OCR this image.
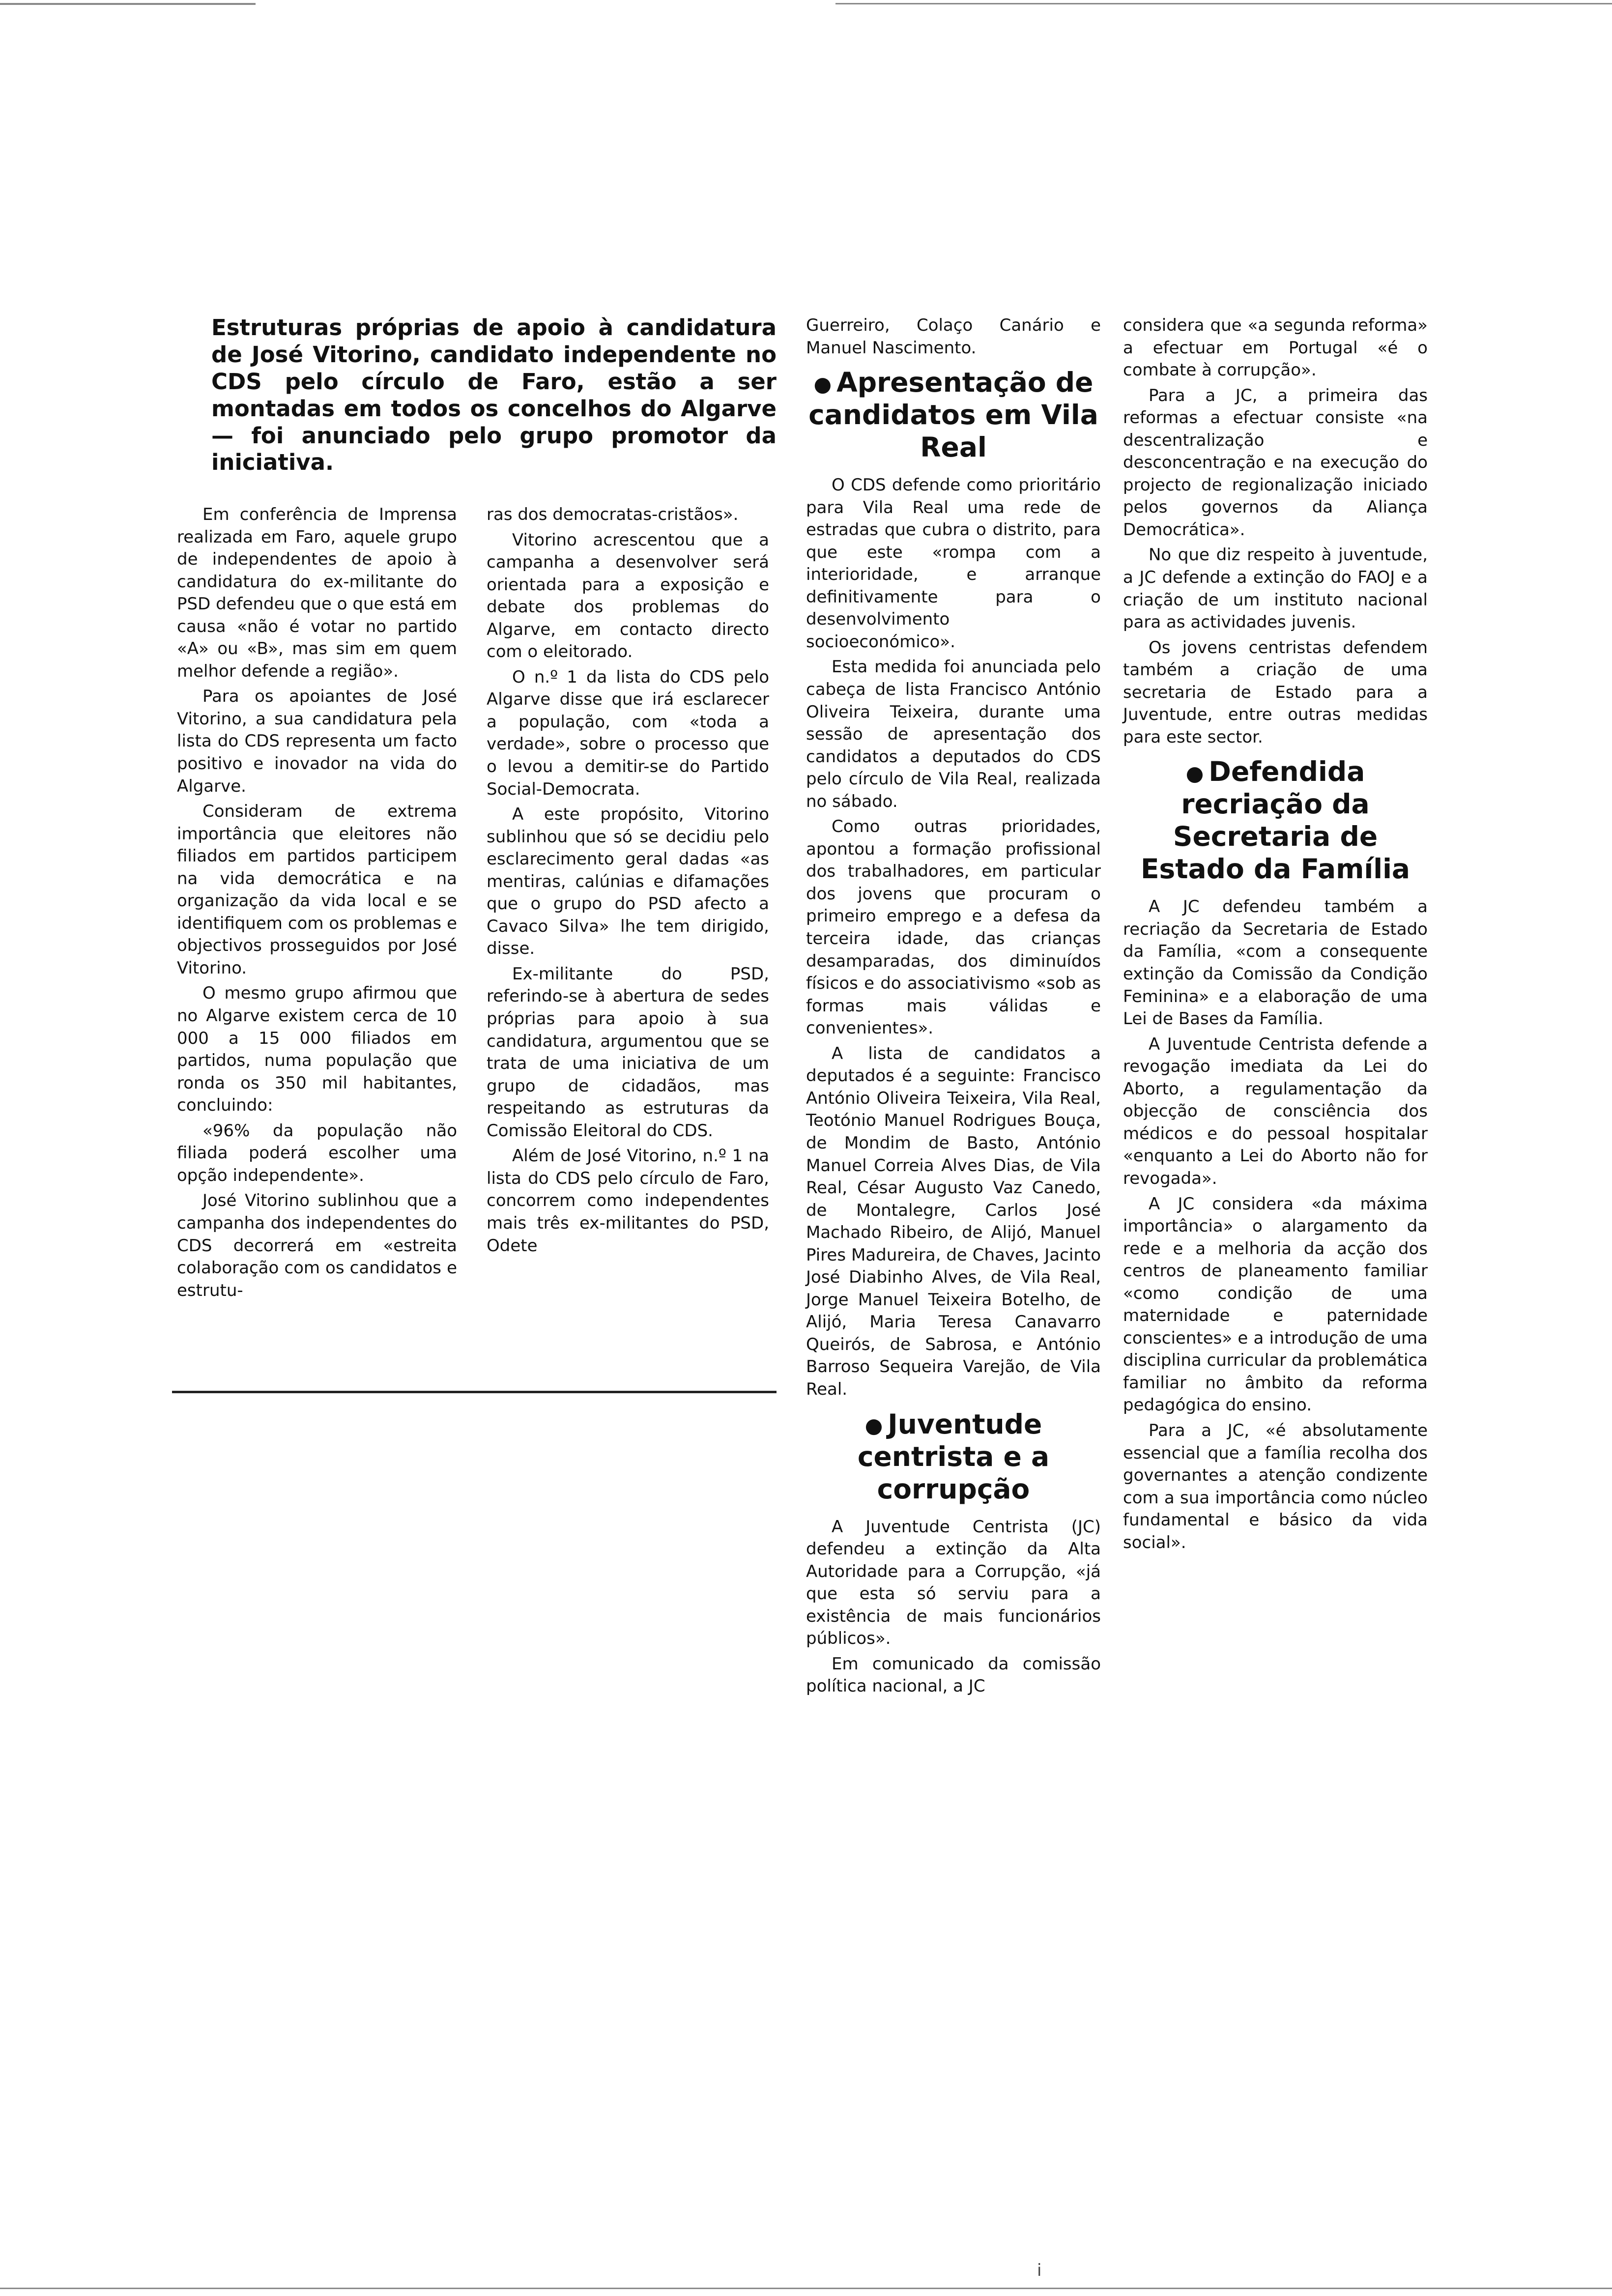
Estruturas próprias de apoio à candidatura de José Vitorino, candidato independente no CDS pelo círculo de Faro, estão a ser montadas em todos os concelhos do Algarve — foi anunciado pelo grupo promotor da iniciativa.

Em conferência de Imprensa realizada em Faro, aquele grupo de independentes de apoio à candidatura do ex-militante do PSD defendeu que o que está em causa «não é votar no partido «A» ou «B», mas sim em quem melhor defende a região».

Para os apoiantes de José Vitorino, a sua candidatura pela lista do CDS representa um facto positivo e inovador na vida do Algarve.

Consideram de extrema importância que eleitores não filiados em partidos participem na vida democrática e na organização da vida local e se identifiquem com os problemas e objectivos prosseguidos por José Vitorino.

O mesmo grupo afirmou que no Algarve existem cerca de 10 000 a 15 000 filiados em partidos, numa população que ronda os 350 mil habitantes, concluindo:

«96% da população não filiada poderá escolher uma opção independente».

José Vitorino sublinhou que a campanha dos independentes do CDS decorrerá em «estreita colaboração com os candidatos e estrutu-

ras dos democratas-cristãos».

Vitorino acrescentou que a campanha a desenvolver será orientada para a exposição e debate dos problemas do Algarve, em contacto directo com o eleitorado.

O n.º 1 da lista do CDS pelo Algarve disse que irá esclarecer a população, com «toda a verdade», sobre o processo que o levou a demitir-se do Partido Social-Democrata.

A este propósito, Vitorino sublinhou que só se decidiu pelo esclarecimento geral dadas «as mentiras, calúnias e difamações que o grupo do PSD afecto a Cavaco Silva» lhe tem dirigido, disse.

Ex-militante do PSD, referindo-se à abertura de sedes próprias para apoio à sua candidatura, argumentou que se trata de uma iniciativa de um grupo de cidadãos, mas respeitando as estruturas da Comissão Eleitoral do CDS.

Além de José Vitorino, n.º 1 na lista do CDS pelo círculo de Faro, concorrem como independentes mais três ex-militantes do PSD, Odete

Guerreiro, Colaço Canário e Manuel Nascimento.

● Apresentação de candidatos em Vila Real

O CDS defende como prioritário para Vila Real uma rede de estradas que cubra o distrito, para que este «rompa com a interioridade, e arranque definitivamente para o desenvolvimento socioeconómico».

Esta medida foi anunciada pelo cabeça de lista Francisco António Oliveira Teixeira, durante uma sessão de apresentação dos candidatos a deputados do CDS pelo círculo de Vila Real, realizada no sábado.

Como outras prioridades, apontou a formação profissional dos trabalhadores, em particular dos jovens que procuram o primeiro emprego e a defesa da terceira idade, das crianças desamparadas, dos diminuídos físicos e do associativismo «sob as formas mais válidas e convenientes».

A lista de candidatos a deputados é a seguinte: Francisco António Oliveira Teixeira, Vila Real, Teotónio Manuel Rodrigues Bouça, de Mondim de Basto, António Manuel Correia Alves Dias, de Vila Real, César Augusto Vaz Canedo, de Montalegre, Carlos José Machado Ribeiro, de Alijó, Manuel Pires Madureira, de Chaves, Jacinto José Diabinho Alves, de Vila Real, Jorge Manuel Teixeira Botelho, de Alijó, Maria Teresa Canavarro Queirós, de Sabrosa, e António Barroso Sequeira Varejão, de Vila Real.

● Juventude centrista e a corrupção

A Juventude Centrista (JC) defendeu a extinção da Alta Autoridade para a Corrupção, «já que esta só serviu para a existência de mais funcionários públicos».

Em comunicado da comissão política nacional, a JC

considera que «a segunda reforma» a efectuar em Portugal «é o combate à corrupção».

Para a JC, a primeira das reformas a efectuar consiste «na descentralização e desconcentração e na execução do projecto de regionalização iniciado pelos governos da Aliança Democrática».

No que diz respeito à juventude, a JC defende a extinção do FAOJ e a criação de um instituto nacional para as actividades juvenis.

Os jovens centristas defendem também a criação de uma secretaria de Estado para a Juventude, entre outras medidas para este sector.

● Defendida recriação da Secretaria de Estado da Família

A JC defendeu também a recriação da Secretaria de Estado da Família, «com a consequente extinção da Comissão da Condição Feminina» e a elaboração de uma Lei de Bases da Família.

A Juventude Centrista defende a revogação imediata da Lei do Aborto, a regulamentação da objecção de consciência dos médicos e do pessoal hospitalar «enquanto a Lei do Aborto não for revogada».

A JC considera «da máxima importância» o alargamento da rede e a melhoria da acção dos centros de planeamento familiar «como condição de uma maternidade e paternidade conscientes» e a introdução de uma disciplina curricular da problemática familiar no âmbito da reforma pedagógica do ensino.

Para a JC, «é absolutamente essencial que a família recolha dos governantes a atenção condizente com a sua importância como núcleo fundamental e básico da vida social».

i
